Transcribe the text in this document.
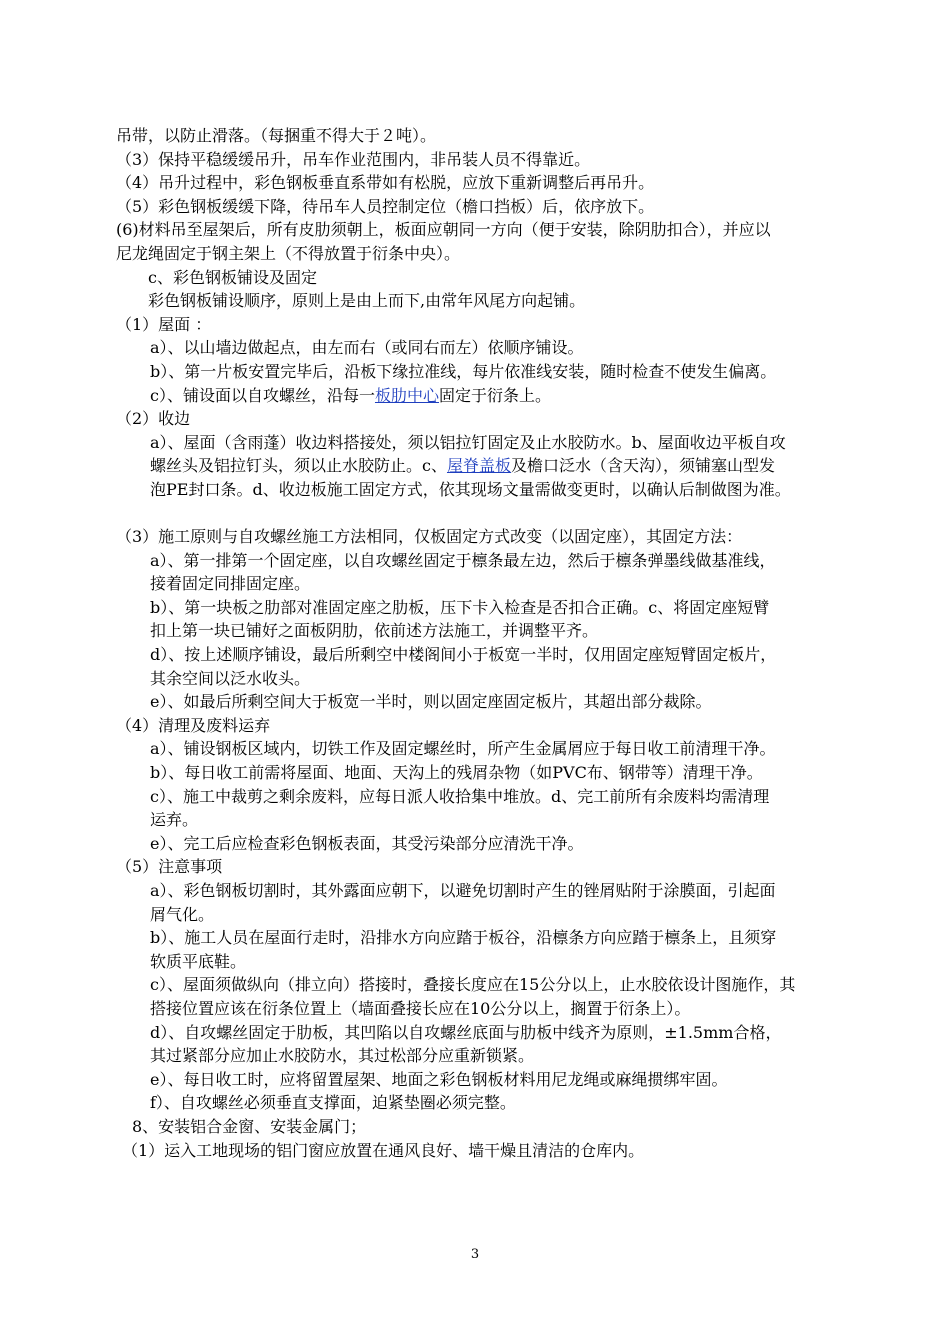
吊带，以防止滑落。（每捆重不得大于２吨）。
（3）保持平稳缓缓吊升，吊车作业范围内，非吊装人员不得靠近。
（4）吊升过程中，彩色钢板垂直系带如有松脱，应放下重新调整后再吊升。
（5）彩色钢板缓缓下降，待吊车人员控制定位（檐口挡板）后，依序放下。
(6)材料吊至屋架后，所有皮肋须朝上，板面应朝同一方向（便于安装，除阴肋扣合），并应以
尼龙绳固定于钢主架上（不得放置于衍条中央）。
c、彩色钢板铺设及固定
彩色钢板铺设顺序，原则上是由上而下,由常年风尾方向起铺。
（1）屋面 ：
a）、以山墙边做起点，由左而右（或同右而左）依顺序铺设。
b）、第一片板安置完毕后，沿板下缘拉准线，每片依准线安装，随时检查不使发生偏离。
c）、铺设面以自攻螺丝，沿每一板肋中心固定于衍条上。
（2）收边
a）、屋面（含雨蓬）收边料搭接处，须以铝拉钉固定及止水胶防水。b、屋面收边平板自攻
螺丝头及铝拉钉头，须以止水胶防止。c、屋脊盖板及檐口泛水（含天沟），须铺塞山型发
泡PE封口条。d、收边板施工固定方式，依其现场文量需做变更时，以确认后制做图为准。
（3）施工原则与自攻螺丝施工方法相同，仅板固定方式改变（以固定座），其固定方法：
a）、第一排第一个固定座，以自攻螺丝固定于檩条最左边，然后于檩条弹墨线做基准线，
接着固定同排固定座。
b）、第一块板之肋部对准固定座之肋板，压下卡入检查是否扣合正确。c、将固定座短臂
扣上第一块已铺好之面板阴肋，依前述方法施工，并调整平齐。
d）、按上述顺序铺设，最后所剩空中楼阁间小于板宽一半时，仅用固定座短臂固定板片，
其余空间以泛水收头。
e）、如最后所剩空间大于板宽一半时，则以固定座固定板片，其超出部分裁除。
（4）清理及废料运弃
a）、铺设钢板区域内，切铁工作及固定螺丝时，所产生金属屑应于每日收工前清理干净。
b）、每日收工前需将屋面、地面、天沟上的残屑杂物（如PVC布、钢带等）清理干净。
c）、施工中裁剪之剩余废料，应每日派人收拾集中堆放。d、完工前所有余废料均需清理
运弃。
e）、完工后应检查彩色钢板表面，其受污染部分应清洗干净。
（5）注意事项
a）、彩色钢板切割时，其外露面应朝下，以避免切割时产生的锉屑贴附于涂膜面，引起面
屑气化。
b）、施工人员在屋面行走时，沿排水方向应踏于板谷，沿檩条方向应踏于檩条上，且须穿
软质平底鞋。
c）、屋面须做纵向（排立向）搭接时，叠接长度应在15公分以上，止水胶依设计图施作，其
搭接位置应该在衍条位置上（墙面叠接长应在10公分以上，搁置于衍条上）。
d）、自攻螺丝固定于肋板，其凹陷以自攻螺丝底面与肋板中线齐为原则，±1.5mm合格，
其过紧部分应加止水胶防水，其过松部分应重新锁紧。
e）、每日收工时，应将留置屋架、地面之彩色钢板材料用尼龙绳或麻绳掼绑牢固。
f）、自攻螺丝必须垂直支撑面，迫紧垫圈必须完整。
8、安装铝合金窗、安装金属门；
（1）运入工地现场的铝门窗应放置在通风良好、墙干燥且清洁的仓库内。
3
